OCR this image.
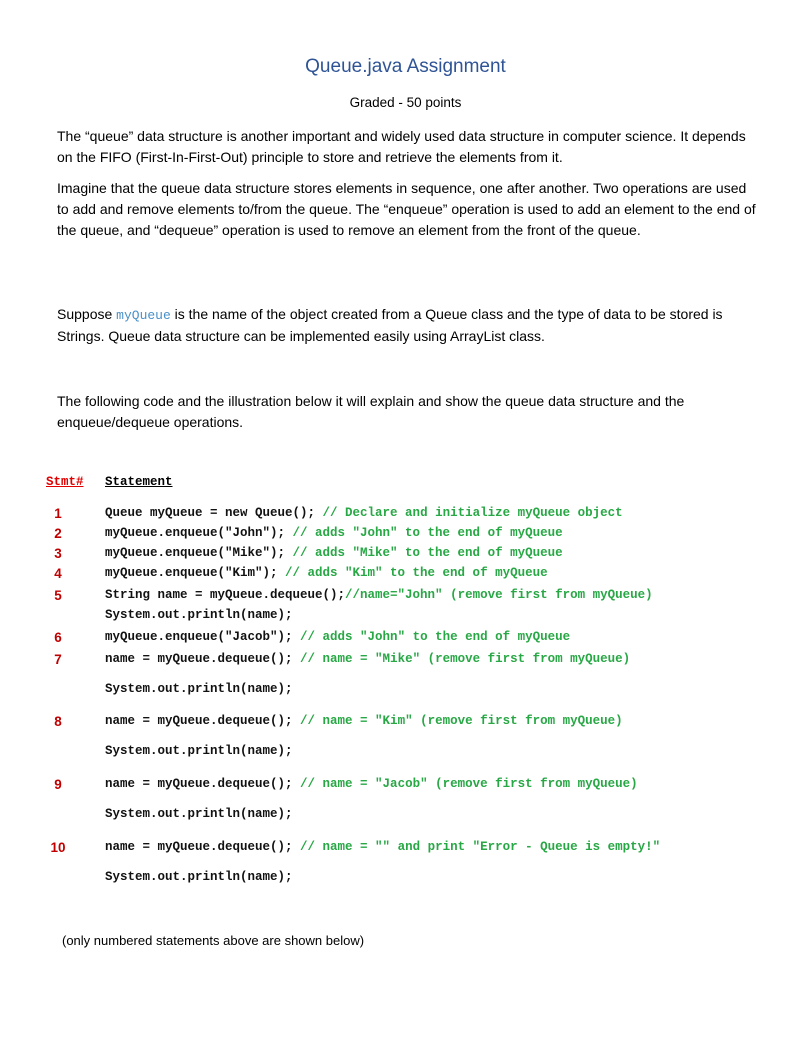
Queue.java Assignment
Graded - 50 points
The “queue” data structure is another important and widely used data structure in computer science. It depends on the FIFO (First-In-First-Out) principle to store and retrieve the elements from it.
Imagine that the queue data structure stores elements in sequence, one after another. Two operations are used to add and remove elements to/from the queue. The “enqueue” operation is used to add an element to the end of the queue, and “dequeue” operation is used to remove an element from the front of the queue.
Suppose myQueue is the name of the object created from a Queue class and the type of data to be stored is Strings. Queue data structure can be implemented easily using ArrayList class.
The following code and the illustration below it will explain and show the queue data structure and the enqueue/dequeue operations.
Stmt# Statement
1	Queue myQueue = new Queue(); // Declare and initialize myQueue object
2	myQueue.enqueue("John"); // adds "John" to the end of myQueue
3	myQueue.enqueue("Mike"); // adds "Mike" to the end of myQueue
4	myQueue.enqueue("Kim"); // adds "Kim" to the end of myQueue
5	String name = myQueue.dequeue();//name="John" (remove first from myQueue)
System.out.println(name);
6	myQueue.enqueue("Jacob"); // adds "John" to the end of myQueue
7	name = myQueue.dequeue(); // name = "Mike" (remove first from myQueue)
System.out.println(name);
8	name = myQueue.dequeue(); // name = "Kim" (remove first from myQueue)
System.out.println(name);
9	name = myQueue.dequeue(); // name = "Jacob" (remove first from myQueue)
System.out.println(name);
10	name = myQueue.dequeue(); // name = "" and print "Error - Queue is empty!"
System.out.println(name);
(only numbered statements above are shown below)
